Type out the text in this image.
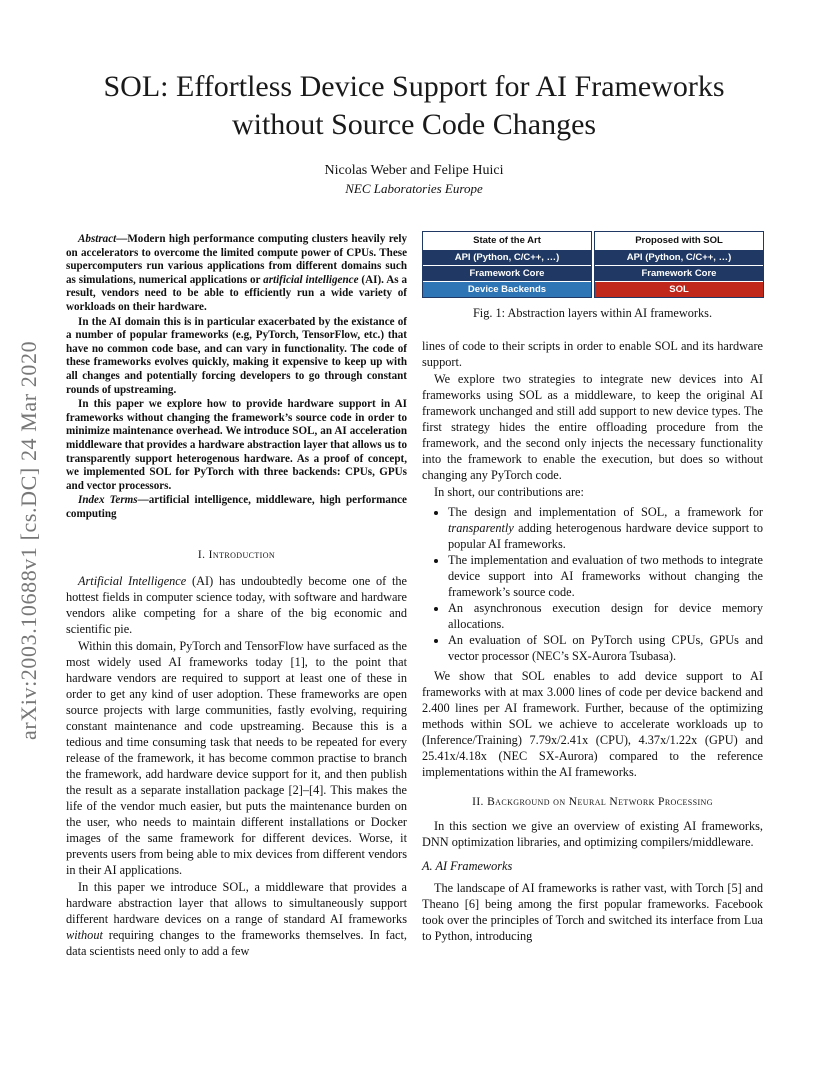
SOL: Effortless Device Support for AI Frameworks
without Source Code Changes
Nicolas Weber and Felipe Huici
NEC Laboratories Europe
arXiv:2003.10688v1 [cs.DC] 24 Mar 2020

Abstract—Modern high performance computing clusters heavily rely on accelerators to overcome the limited compute power of CPUs. These supercomputers run various applications from different domains such as simulations, numerical applications or artificial intelligence (AI). As a result, vendors need to be able to efficiently run a wide variety of workloads on their hardware.

In the AI domain this is in particular exacerbated by the existance of a number of popular frameworks (e.g, PyTorch, TensorFlow, etc.) that have no common code base, and can vary in functionality. The code of these frameworks evolves quickly, making it expensive to keep up with all changes and potentially forcing developers to go through constant rounds of upstreaming.

In this paper we explore how to provide hardware support in AI frameworks without changing the framework’s source code in order to minimize maintenance overhead. We introduce SOL, an AI acceleration middleware that provides a hardware abstraction layer that allows us to transparently support heterogenous hardware. As a proof of concept, we implemented SOL for PyTorch with three backends: CPUs, GPUs and vector processors.

Index Terms—artificial intelligence, middleware, high performance computing

I. Introduction

Artificial Intelligence (AI) has undoubtedly become one of the hottest fields in computer science today, with software and hardware vendors alike competing for a share of the big economic and scientific pie.

Within this domain, PyTorch and TensorFlow have surfaced as the most widely used AI frameworks today [1], to the point that hardware vendors are required to support at least one of these in order to get any kind of user adoption. These frameworks are open source projects with large communities, fastly evolving, requiring constant maintenance and code upstreaming. Because this is a tedious and time consuming task that needs to be repeated for every release of the framework, it has become common practise to branch the framework, add hardware device support for it, and then publish the result as a separate installation package [2]–[4]. This makes the life of the vendor much easier, but puts the maintenance burden on the user, who needs to maintain different installations or Docker images of the same framework for different devices. Worse, it prevents users from being able to mix devices from different vendors in their AI applications.

In this paper we introduce SOL, a middleware that provides a hardware abstraction layer that allows to simultaneously support different hardware devices on a range of standard AI frameworks without requiring changes to the frameworks themselves. In fact, data scientists need only to add a few

State of the Art
API (Python, C/C++, …)
Framework Core
Device Backends
Proposed with SOL
API (Python, C/C++, …)
Framework Core
SOL
Fig. 1: Abstraction layers within AI frameworks.

lines of code to their scripts in order to enable SOL and its hardware support.

We explore two strategies to integrate new devices into AI frameworks using SOL as a middleware, to keep the original AI framework unchanged and still add support to new device types. The first strategy hides the entire offloading procedure from the framework, and the second only injects the necessary functionality into the framework to enable the execution, but does so without changing any PyTorch code.

In short, our contributions are:

• The design and implementation of SOL, a framework for transparently adding heterogenous hardware device support to popular AI frameworks.
• The implementation and evaluation of two methods to integrate device support into AI frameworks without changing the framework’s source code.
• An asynchronous execution design for device memory allocations.
• An evaluation of SOL on PyTorch using CPUs, GPUs and vector processor (NEC’s SX-Aurora Tsubasa).

We show that SOL enables to add device support to AI frameworks with at max 3.000 lines of code per device backend and 2.400 lines per AI framework. Further, because of the optimizing methods within SOL we achieve to accelerate workloads up to (Inference/Training) 7.79x/2.41x (CPU), 4.37x/1.22x (GPU) and 25.41x/4.18x (NEC SX-Aurora) compared to the reference implementations within the AI frameworks.

II. Background on Neural Network Processing

In this section we give an overview of existing AI frameworks, DNN optimization libraries, and optimizing compilers/middleware.

A. AI Frameworks

The landscape of AI frameworks is rather vast, with Torch [5] and Theano [6] being among the first popular frameworks. Facebook took over the principles of Torch and switched its interface from Lua to Python, introducing
